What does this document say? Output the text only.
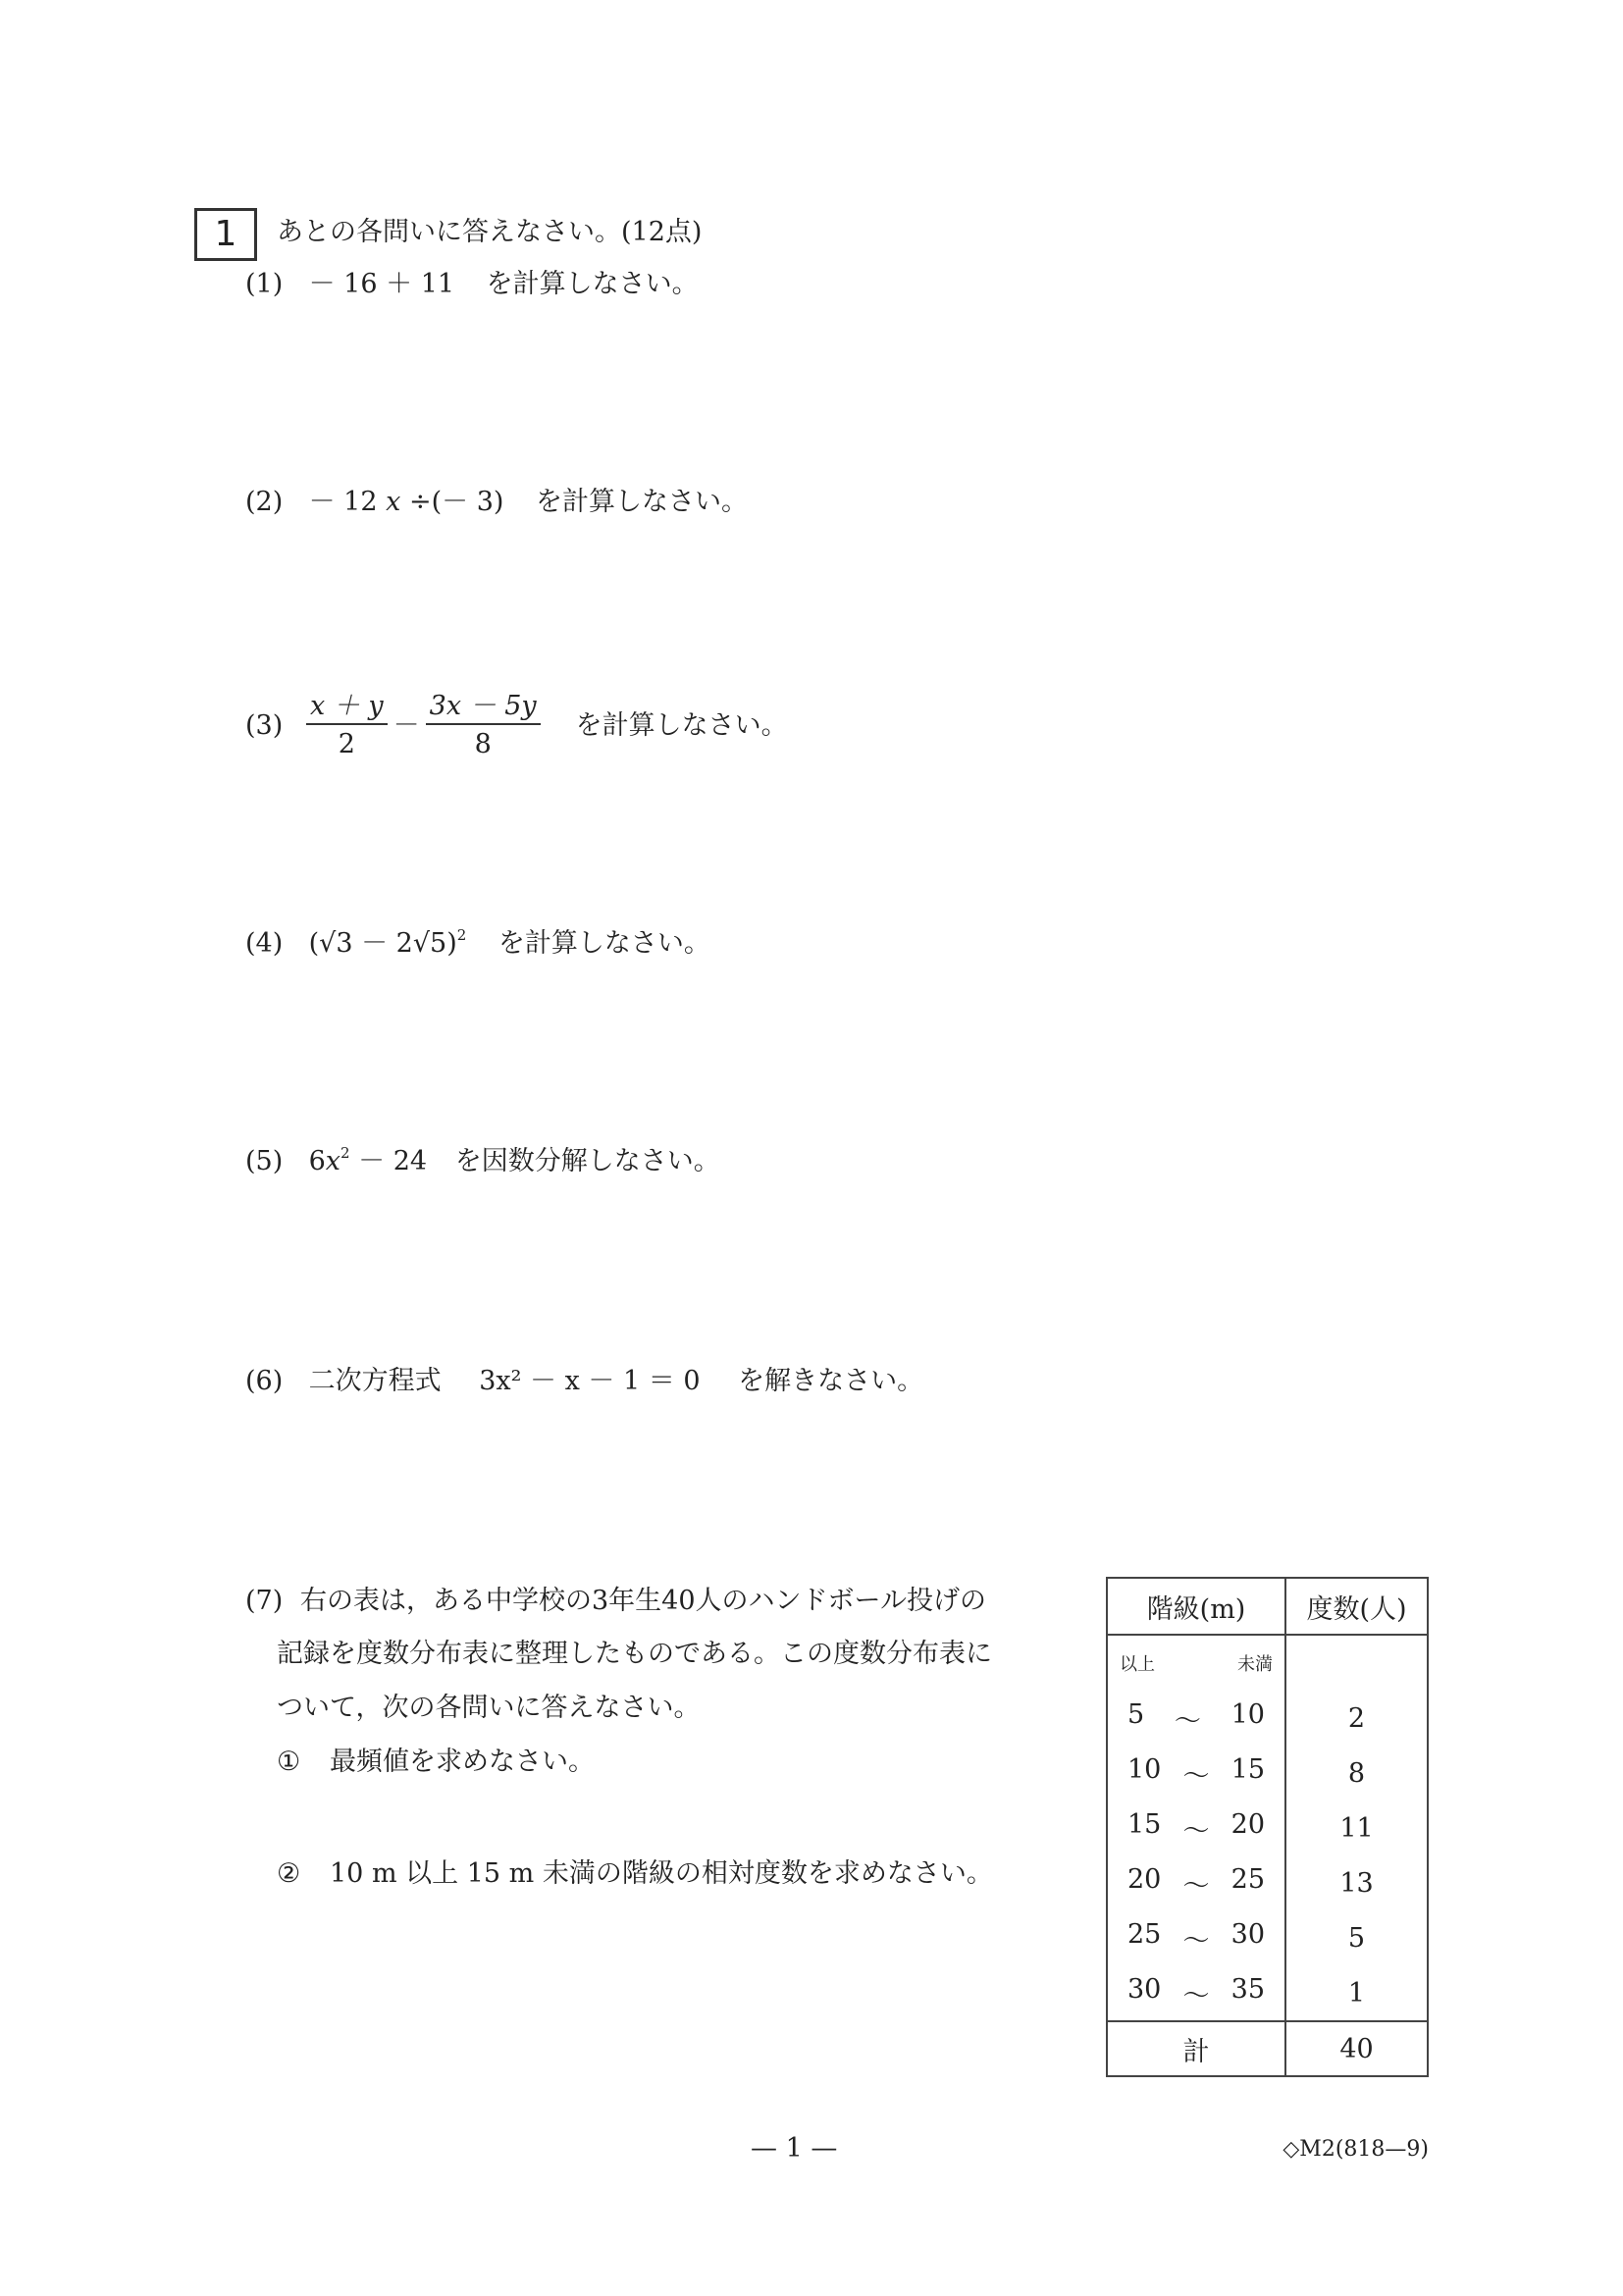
1	あとの各問いに答えなさい。(12点)
(1) － 16 ＋ 11 を計算しなさい。
(2) － 12 x ÷(－ 3) を計算しなさい。
$(3) \frac{x + y}{2} - \frac{3x - 5y}{8}$ を計算しなさい。
(4) $(√3 - 2√5)^2$ を計算しなさい。
(5) $6x^2 - 24$ を因数分解しなさい。
(6) 二次方程式 3x² － x － 1 ＝ 0 を解きなさい。
(7) 右の表は，ある中学校の3年生40人のハンドボール投げの
記録を度数分布表に整理したものである。この度数分布表に
ついて，次の各問いに答えなさい。
① 最頻値を求めなさい。
② 10 m 以上 15 m 未満の階級の相対度数を求めなさい。
階級(m)	度数(人)

以上 未満	

5 ～ 10	2

10 ～ 15	8

15 ～ 20	11

20 ～ 25	13

25 ～ 30	5

30 ～ 35	1
計	40
— 1 —	◇M2(818—9)
